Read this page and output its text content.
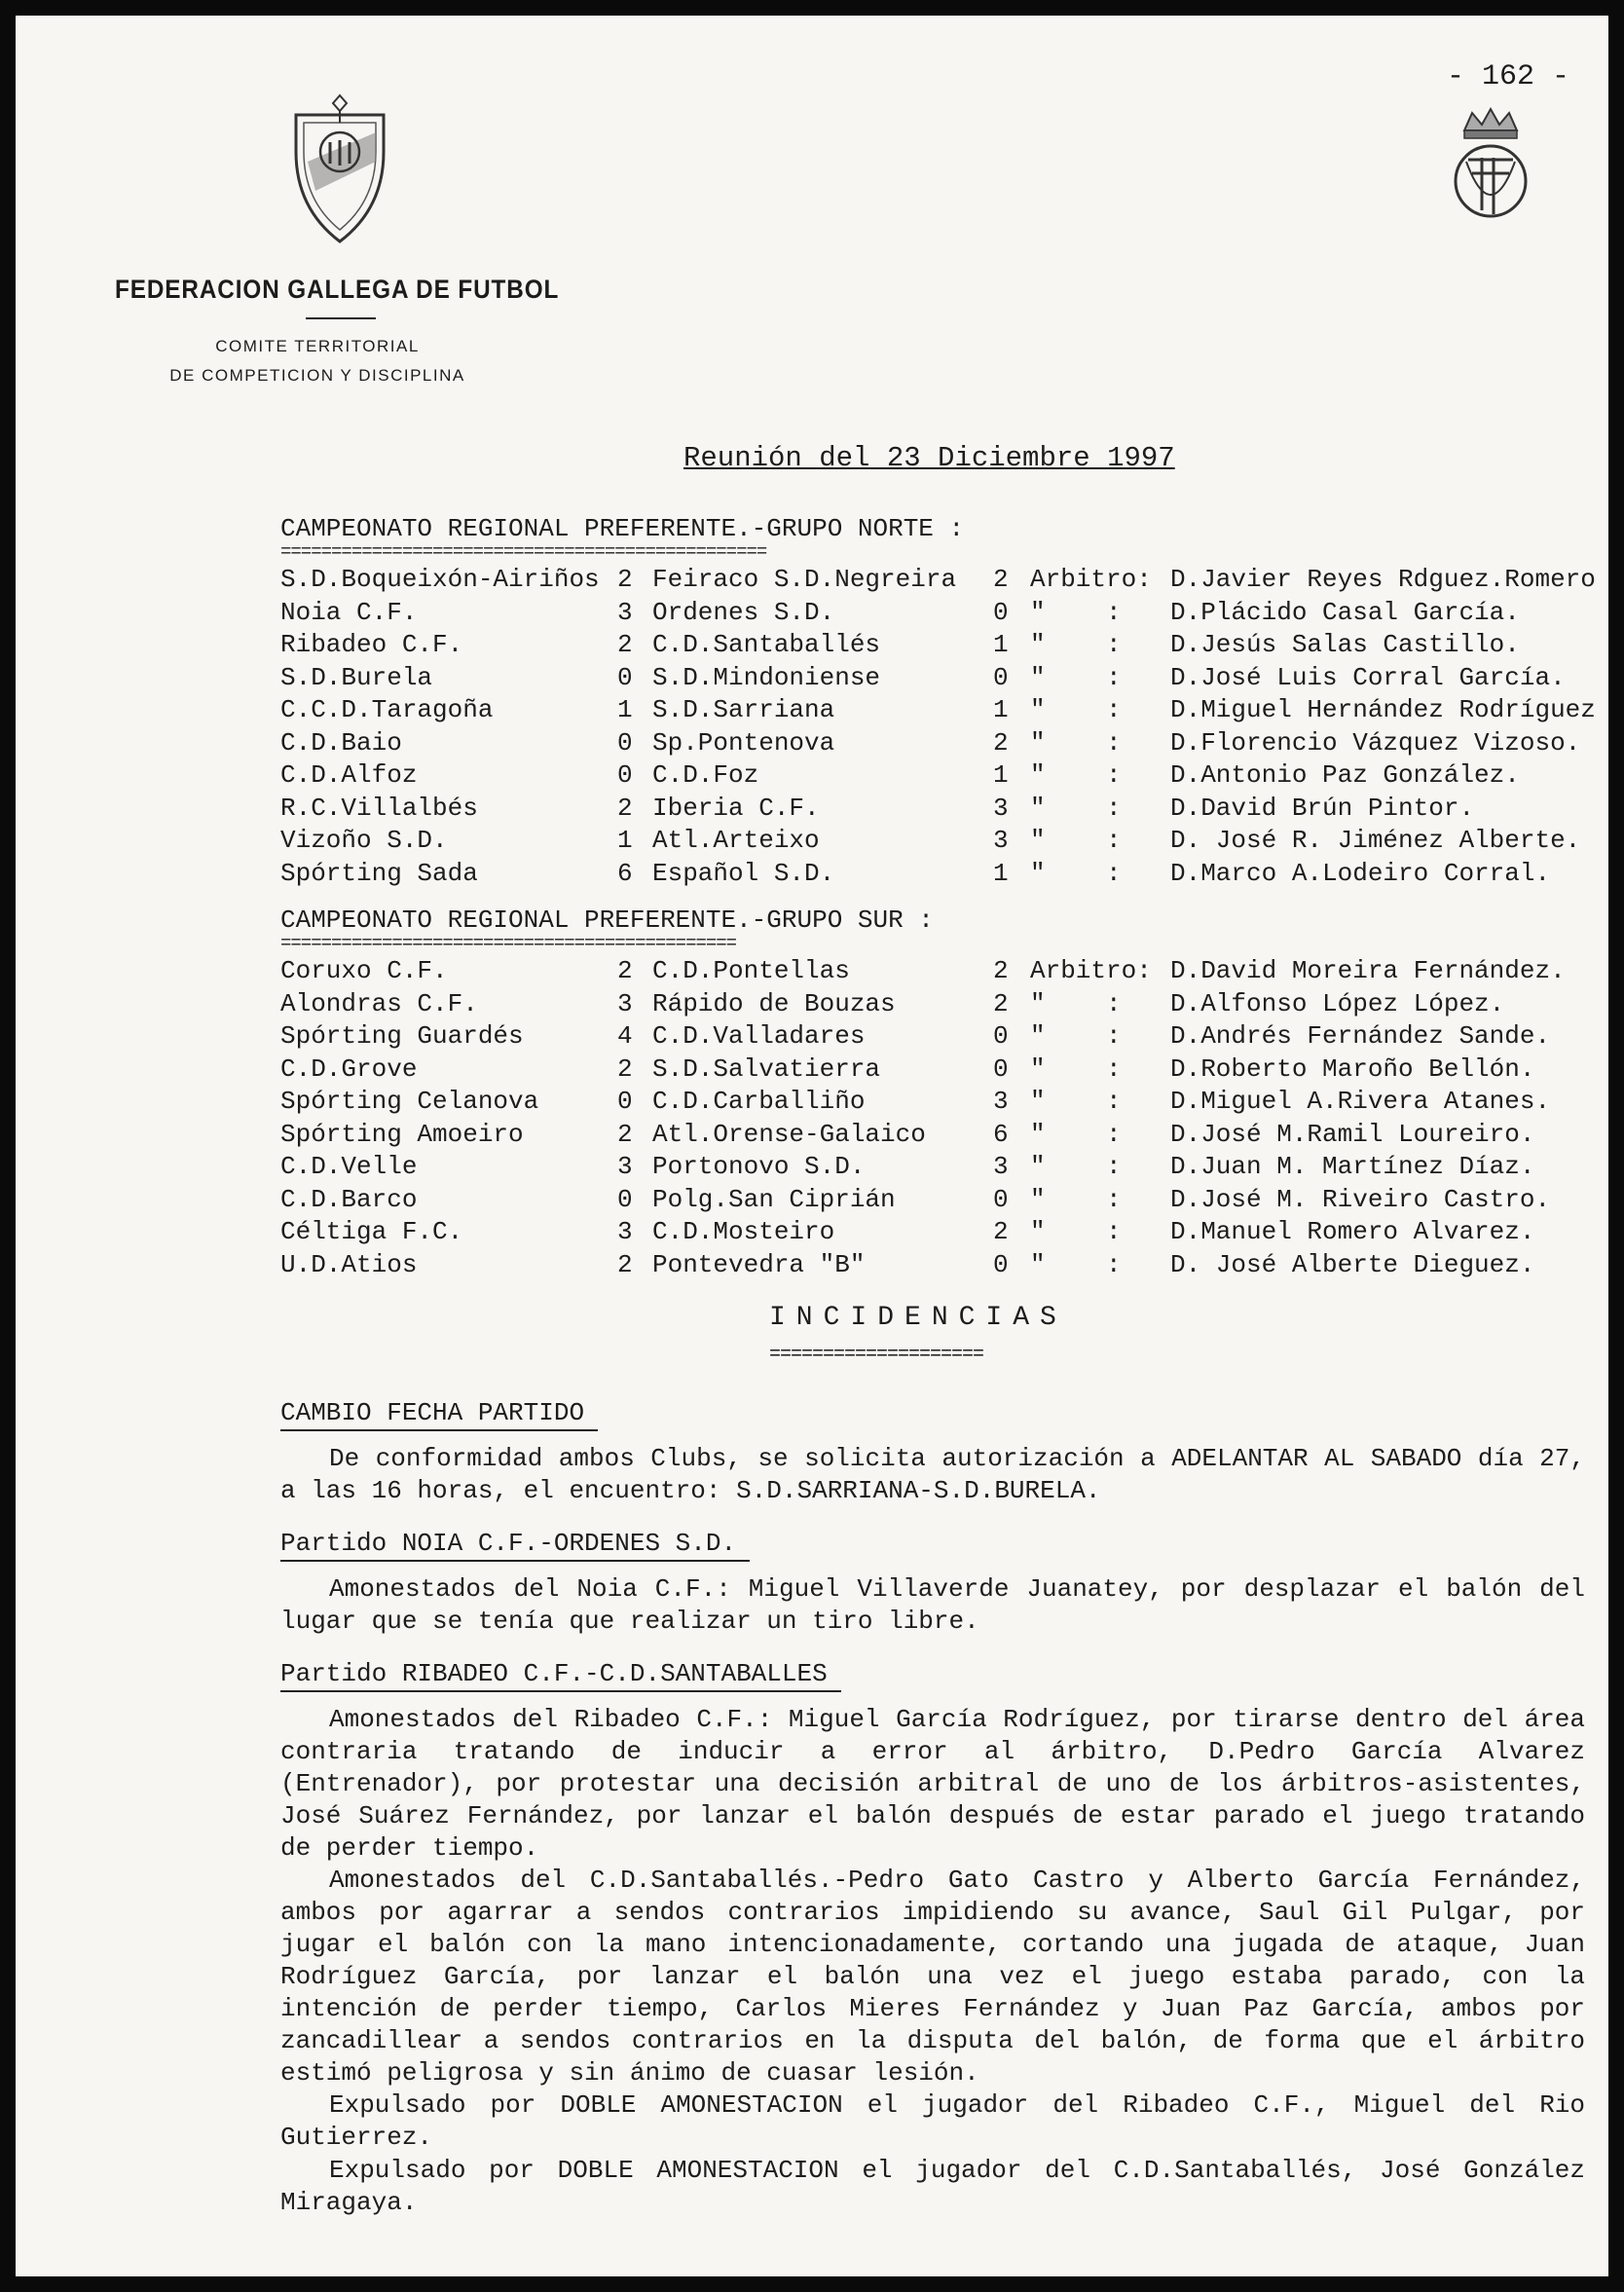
- 162 -
FEDERACION GALLEGA DE FUTBOL
COMITE TERRITORIAL
DE COMPETICION Y DISCIPLINA
Reunión del 23 Diciembre 1997
CAMPEONATO REGIONAL PREFERENTE.-GRUPO NORTE :
================================================
S.D.Boqueixón-Airiños 2 Feiraco S.D.Negreira 2 Arbitro: D.Javier Reyes Rdguez.Romero
Noia C.F.	3 Ordenes S.D.	0 "    : D.Plácido Casal García.
Ribadeo C.F.	2 C.D.Santaballés	1 "    : D.Jesús Salas Castillo.
S.D.Burela	0 S.D.Mindoniense	0 "    : D.José Luis Corral García.
C.C.D.Taragoña	1 S.D.Sarriana	1 "    : D.Miguel Hernández Rodríguez
C.D.Baio	0 Sp.Pontenova	2 "    : D.Florencio Vázquez Vizoso.
C.D.Alfoz	0 C.D.Foz	1 "    : D.Antonio Paz González.
R.C.Villalbés	2 Iberia C.F.	3 "    : D.David Brún Pintor.
Vizoño S.D.	1 Atl.Arteixo	3 "    : D. José R. Jiménez Alberte.
Spórting Sada	6 Español S.D.	1 "    : D.Marco A.Lodeiro Corral.
CAMPEONATO REGIONAL PREFERENTE.-GRUPO SUR :
=============================================
Coruxo C.F.	2 C.D.Pontellas	2 Arbitro: D.David Moreira Fernández.
Alondras C.F.	3 Rápido de Bouzas	2 "    : D.Alfonso López López.
Spórting Guardés	4 C.D.Valladares	0 "    : D.Andrés Fernández Sande.
C.D.Grove	2 S.D.Salvatierra	0 "    : D.Roberto Maroño Bellón.
Spórting Celanova	0 C.D.Carballiño	3 "    : D.Miguel A.Rivera Atanes.
Spórting Amoeiro	2 Atl.Orense-Galaico	6 "    : D.José M.Ramil Loureiro.
C.D.Velle	3 Portonovo S.D.	3 "    : D.Juan M. Martínez Díaz.
C.D.Barco	0 Polg.San Ciprián	0 "    : D.José M. Riveiro Castro.
Céltiga F.C.	3 C.D.Mosteiro	2 "    : D.Manuel Romero Alvarez.
U.D.Atios	2 Pontevedra "B"	0 "    : D. José Alberte Dieguez.
INCIDENCIAS
====================
CAMBIO FECHA PARTIDO

De conformidad ambos Clubs, se solicita autorización a ADELANTAR AL SABADO día 27, a las 16 horas, el encuentro: S.D.SARRIANA-S.D.BURELA.

Partido NOIA C.F.-ORDENES S.D.

Amonestados del Noia C.F.: Miguel Villaverde Juanatey, por desplazar el balón del lugar que se tenía que realizar un tiro libre.

Partido RIBADEO C.F.-C.D.SANTABALLES

Amonestados del Ribadeo C.F.: Miguel García Rodríguez, por tirarse dentro del área contraria tratando de inducir a error al árbitro, D.Pedro García Alvarez (Entrenador), por protestar una decisión arbitral de uno de los árbitros-asistentes, José Suárez Fernández, por lanzar el balón después de estar parado el juego tratando de perder tiempo.

Amonestados del C.D.Santaballés.-Pedro Gato Castro y Alberto García Fernández, ambos por agarrar a sendos contrarios impidiendo su avance, Saul Gil Pulgar, por jugar el balón con la mano intencionadamente, cortando una jugada de ataque, Juan Rodríguez García, por lanzar el balón una vez el juego estaba parado, con la intención de perder tiempo, Carlos Mieres Fernández y Juan Paz García, ambos por zancadillear a sendos contrarios en la disputa del balón, de forma que el árbitro estimó peligrosa y sin ánimo de cuasar lesión.

Expulsado por DOBLE AMONESTACION el jugador del Ribadeo C.F., Miguel del Rio Gutierrez.

Expulsado por DOBLE AMONESTACION el jugador del C.D.Santaballés, José González Miragaya.
